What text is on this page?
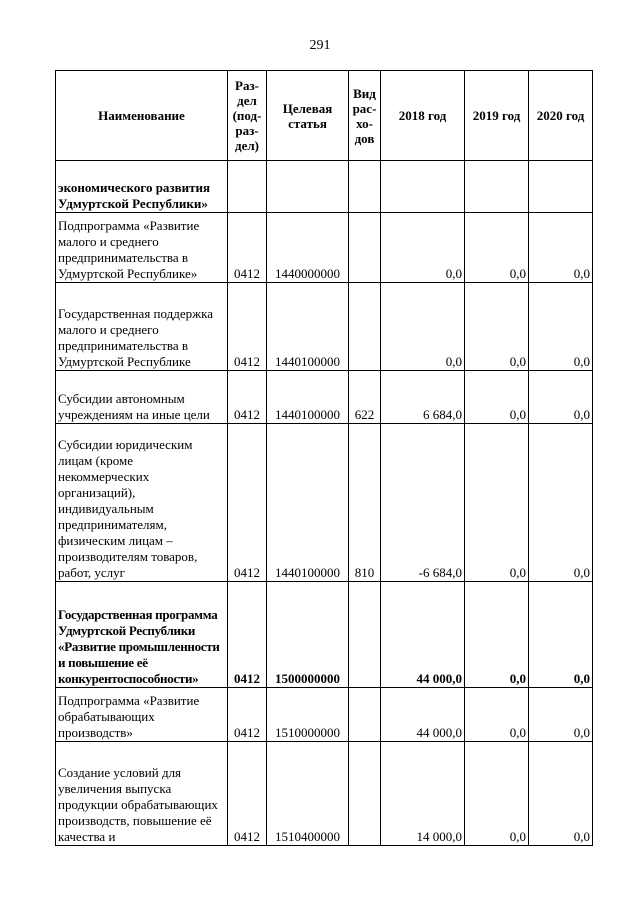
291
Наименование	Раз-дел (под-раз-дел)	Целевая статья	Вид рас-хо-дов	2018 год	2019 год	2020 год
экономического развития Удмуртской Республики»						
Подпрограмма «Развитие малого и среднего предпринимательства в Удмуртской Республике»	0412	1440000000		0,0	0,0	0,0
Государственная поддержка малого и среднего предпринимательства в Удмуртской Республике	0412	1440100000		0,0	0,0	0,0
Субсидии автономным учреждениям на иные цели	0412	1440100000	622	6 684,0	0,0	0,0
Субсидии юридическим лицам (кроме некоммерческих организаций), индивидуальным предпринимателям, физическим лицам – производителям товаров, работ, услуг	0412	1440100000	810	-6 684,0	0,0	0,0
Государственная программа Удмуртской Республики «Развитие промышленности и повышение её конкурентоспособности»	0412	1500000000		44 000,0	0,0	0,0
Подпрограмма «Развитие обрабатывающих производств»	0412	1510000000		44 000,0	0,0	0,0
Создание условий для увеличения выпуска продукции обрабатывающих производств, повышение её качества и	0412	1510400000		14 000,0	0,0	0,0
